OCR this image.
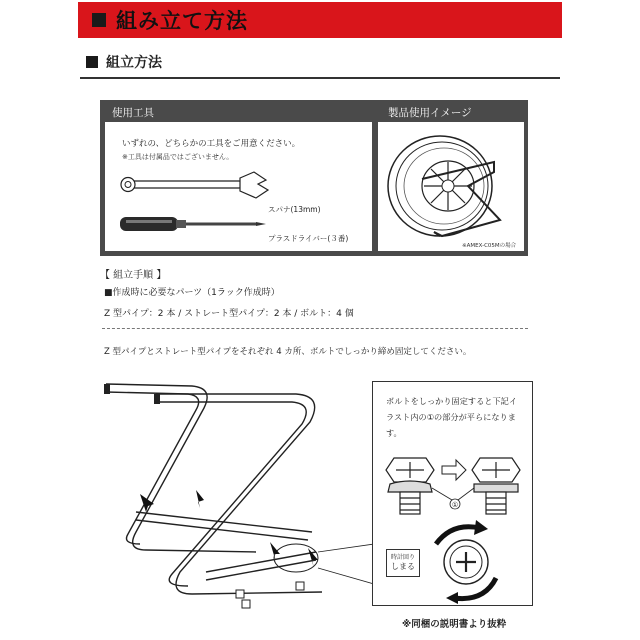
組み立て方法
組立方法
使用工具	製品使用イメージ
いずれの、どちらかの工具をご用意ください。
※工具は付属品ではございません。
スパナ(13mm)
プラスドライバー(３番)
※AMEX-C05Mの場合
【 組立手順 】
■作成時に必要なパーツ（1ラック作成時）
Z 型パイプ：2 本 / ストレート型パイプ：2 本 / ボルト：4 個
Z 型パイプとストレート型パイプをそれぞれ 4 カ所、ボルトでしっかり締め固定してください。
ボルトをしっかり固定すると下記イラスト内の①の部分が平らになります。
①
時計回り
しまる
※同梱の説明書より抜粋
